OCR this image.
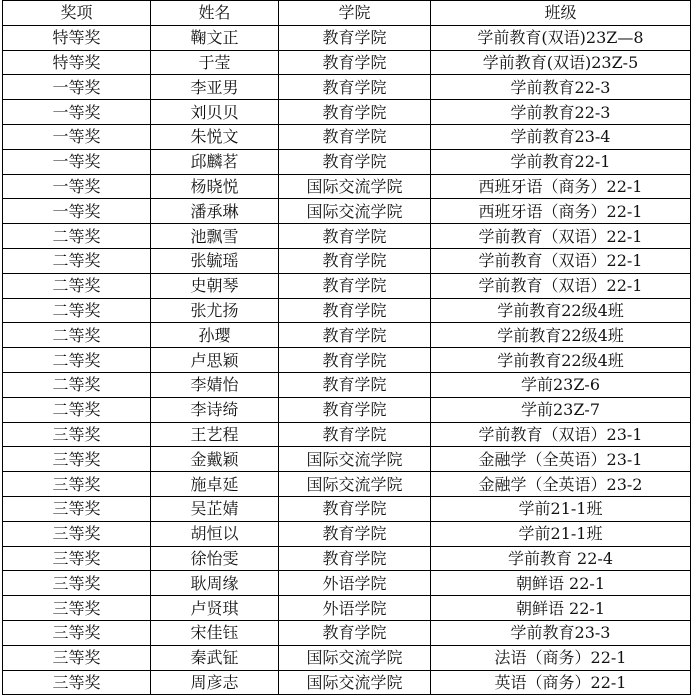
奖项	姓名	学院	班级
特等奖	鞠文正	教育学院	学前教育(双语)23Z—8
特等奖	于莹	教育学院	学前教育(双语)23Z-5
一等奖	李亚男	教育学院	学前教育22-3
一等奖	刘贝贝	教育学院	学前教育22-3
一等奖	朱悦文	教育学院	学前教育23-4
一等奖	邱麟茗	教育学院	学前教育22-1
一等奖	杨晓悦	国际交流学院	西班牙语（商务）22-1
一等奖	潘承琳	国际交流学院	西班牙语（商务）22-1
二等奖	池飘雪	教育学院	学前教育（双语）22-1
二等奖	张毓瑶	教育学院	学前教育（双语）22-1
二等奖	史朝琴	教育学院	学前教育（双语）22-1
二等奖	张尤扬	教育学院	学前教育22级4班
二等奖	孙璎	教育学院	学前教育22级4班
二等奖	卢思颖	教育学院	学前教育22级4班
二等奖	李婧怡	教育学院	学前23Z-6
二等奖	李诗绮	教育学院	学前23Z-7
三等奖	王艺程	教育学院	学前教育（双语）23-1
三等奖	金戴颖	国际交流学院	金融学（全英语）23-1
三等奖	施卓延	国际交流学院	金融学（全英语）23-2
三等奖	吴芷婧	教育学院	学前21-1班
三等奖	胡恒以	教育学院	学前21-1班
三等奖	徐怡雯	教育学院	学前教育 22-4
三等奖	耿周缘	外语学院	朝鲜语 22-1
三等奖	卢贤琪	外语学院	朝鲜语 22-1
三等奖	宋佳钰	教育学院	学前教育23-3
三等奖	秦武钲	国际交流学院	法语（商务）22-1
三等奖	周彦志	国际交流学院	英语（商务）22-1
